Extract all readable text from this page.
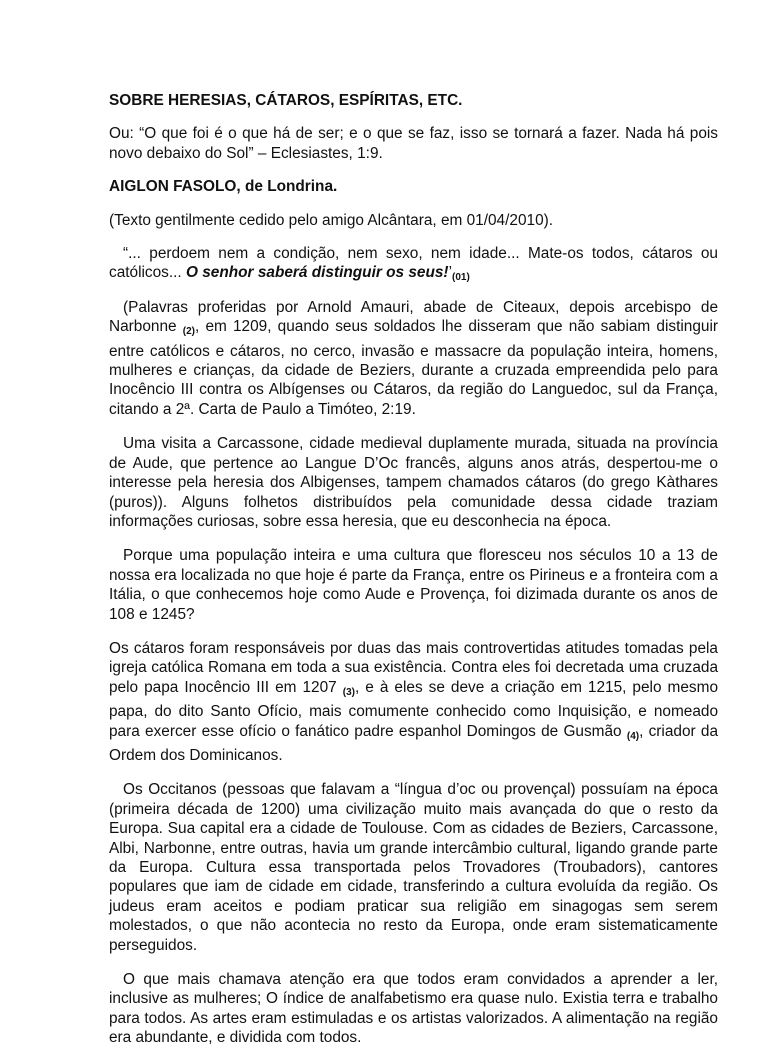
SOBRE HERESIAS, CÁTAROS, ESPÍRITAS, ETC.

Ou: “O que foi é o que há de ser; e o que se faz, isso se tornará a fazer. Nada há pois novo debaixo do Sol” – Eclesiastes, 1:9.

AIGLON FASOLO, de Londrina.

(Texto gentilmente cedido pelo amigo Alcântara, em 01/04/2010).

“... perdoem nem a condição, nem sexo, nem idade... Mate-os todos, cátaros ou católicos... O senhor saberá distinguir os $seus!’_{(01)}$

(Palavras proferidas por Arnold Amauri, abade de Citeaux, depois arcebispo de Narbonne $_{(2)}$, em 1209, quando seus soldados lhe disseram que não sabiam distinguir entre católicos e cátaros, no cerco, invasão e massacre da população inteira, homens, mulheres e crianças, da cidade de Beziers, durante a cruzada empreendida pelo para Inocêncio III contra os Albígenses ou Cátaros, da região do Languedoc, sul da França, citando a 2ª. Carta de Paulo a Timóteo, 2:19.

Uma visita a Carcassone, cidade medieval duplamente murada, situada na província de Aude, que pertence ao Langue D’Oc francês, alguns anos atrás, despertou-me o interesse pela heresia dos Albigenses, tampem chamados cátaros (do grego Kàthares (puros)). Alguns folhetos distribuídos pela comunidade dessa cidade traziam informações curiosas, sobre essa heresia, que eu desconhecia na época.

Porque uma população inteira e uma cultura que floresceu nos séculos 10 a 13 de nossa era localizada no que hoje é parte da França, entre os Pirineus e a fronteira com a Itália, o que conhecemos hoje como Aude e Provença, foi dizimada durante os anos de 108 e 1245?

Os cátaros foram responsáveis por duas das mais controvertidas atitudes tomadas pela igreja católica Romana em toda a sua existência. Contra eles foi decretada uma cruzada pelo papa Inocêncio III em 1207 $_{(3)}$, e à eles se deve a criação em 1215, pelo mesmo papa, do dito Santo Ofício, mais comumente conhecido como Inquisição, e nomeado para exercer esse ofício o fanático padre espanhol Domingos de Gusmão $_{(4)}$, criador da Ordem dos Dominicanos.

Os Occitanos (pessoas que falavam a “língua d’oc ou provençal) possuíam na época (primeira década de 1200) uma civilização muito mais avançada do que o resto da Europa. Sua capital era a cidade de Toulouse. Com as cidades de Beziers, Carcassone, Albi, Narbonne, entre outras, havia um grande intercâmbio cultural, ligando grande parte da Europa. Cultura essa transportada pelos Trovadores (Troubadors), cantores populares que iam de cidade em cidade, transferindo a cultura evoluída da região. Os judeus eram aceitos e podiam praticar sua religião em sinagogas sem serem molestados, o que não acontecia no resto da Europa, onde eram sistematicamente perseguidos.

O que mais chamava atenção era que todos eram convidados a aprender a ler, inclusive as mulheres; O índice de analfabetismo era quase nulo. Existia terra e trabalho para todos. As artes eram estimuladas e os artistas valorizados. A alimentação na região era abundante, e dividida com todos.
